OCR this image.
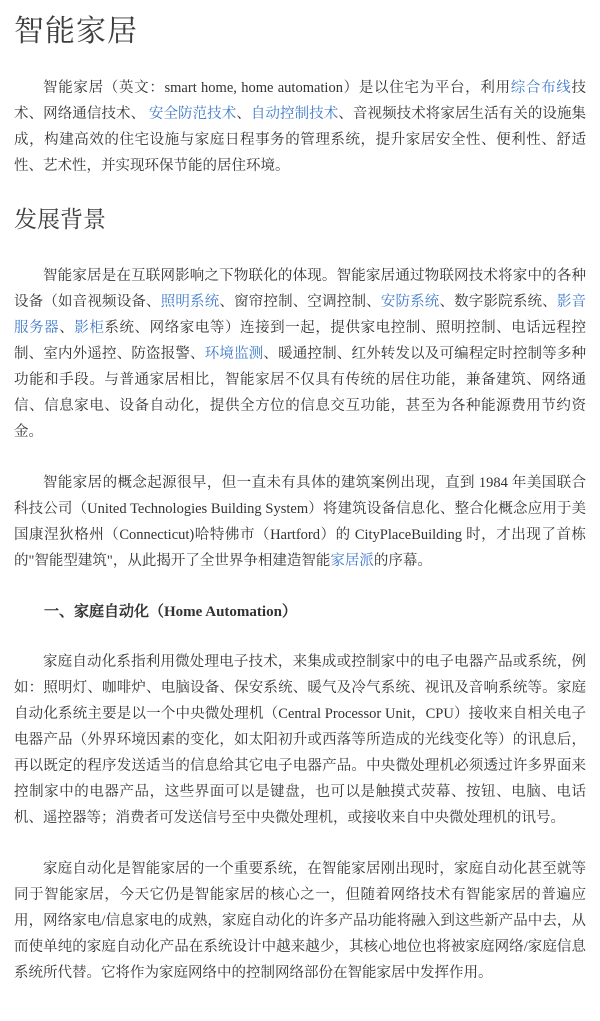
智能家居

智能家居（英文：smart home, home automation）是以住宅为平台，利用综合布线技术、网络通信技术、 安全防范技术、自动控制技术、音视频技术将家居生活有关的设施集成，构建高效的住宅设施与家庭日程事务的管理系统，提升家居安全性、便利性、舒适性、艺术性，并实现环保节能的居住环境。

发展背景

智能家居是在互联网影响之下物联化的体现。智能家居通过物联网技术将家中的各种设备（如音视频设备、照明系统、窗帘控制、空调控制、安防系统、数字影院系统、影音服务器、影柜系统、网络家电等）连接到一起，提供家电控制、照明控制、电话远程控制、室内外遥控、防盗报警、环境监测、暖通控制、红外转发以及可编程定时控制等多种功能和手段。与普通家居相比，智能家居不仅具有传统的居住功能，兼备建筑、网络通信、信息家电、设备自动化，提供全方位的信息交互功能，甚至为各种能源费用节约资金。

智能家居的概念起源很早，但一直未有具体的建筑案例出现，直到 1984 年美国联合科技公司（United Technologies Building System）将建筑设备信息化、整合化概念应用于美国康涅狄格州（Connecticut)哈特佛市（Hartford）的 CityPlaceBuilding 时，才出现了首栋的"智能型建筑"，从此揭开了全世界争相建造智能家居派的序幕。

一、家庭自动化（Home Automation）

家庭自动化系指利用微处理电子技术，来集成或控制家中的电子电器产品或系统，例如：照明灯、咖啡炉、电脑设备、保安系统、暖气及冷气系统、视讯及音响系统等。家庭自动化系统主要是以一个中央微处理机（Central Processor Unit，CPU）接收来自相关电子电器产品（外界环境因素的变化，如太阳初升或西落等所造成的光线变化等）的讯息后，再以既定的程序发送适当的信息给其它电子电器产品。中央微处理机必须透过许多界面来控制家中的电器产品，这些界面可以是键盘，也可以是触摸式荧幕、按钮、电脑、电话机、遥控器等；消费者可发送信号至中央微处理机，或接收来自中央微处理机的讯号。

家庭自动化是智能家居的一个重要系统，在智能家居刚出现时，家庭自动化甚至就等同于智能家居，今天它仍是智能家居的核心之一，但随着网络技术有智能家居的普遍应用，网络家电/信息家电的成熟，家庭自动化的许多产品功能将融入到这些新产品中去，从而使单纯的家庭自动化产品在系统设计中越来越少，其核心地位也将被家庭网络/家庭信息系统所代替。它将作为家庭网络中的控制网络部份在智能家居中发挥作用。
